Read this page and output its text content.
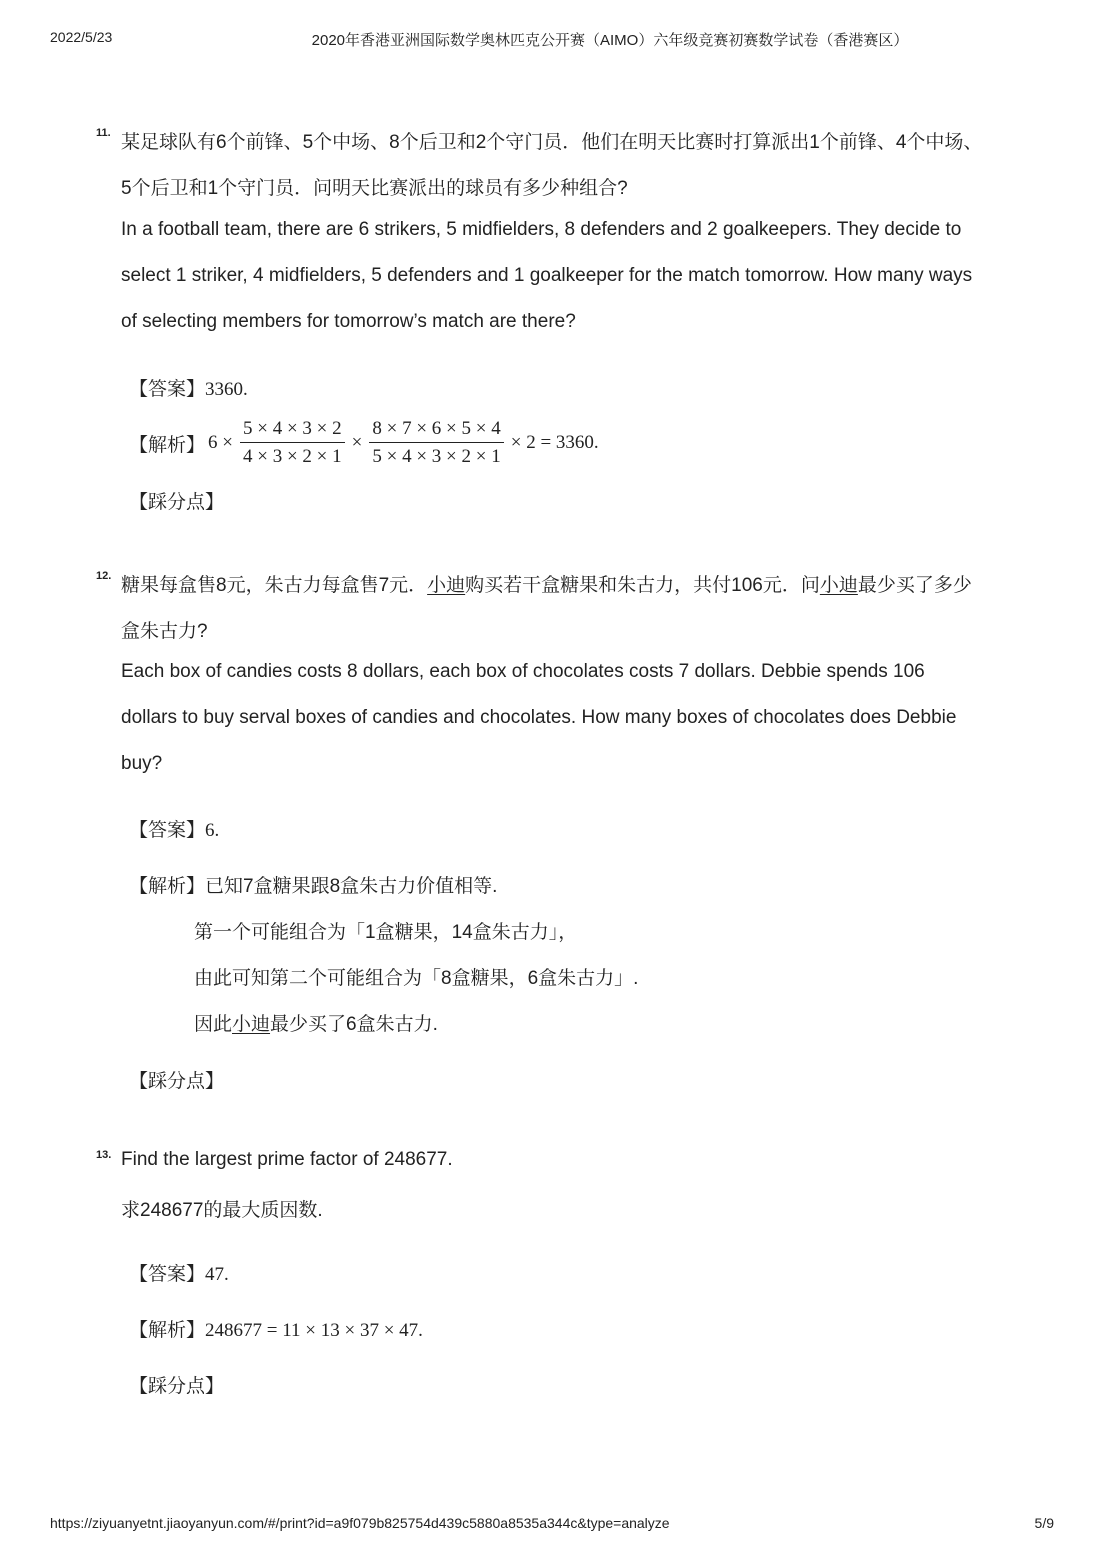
2022/5/23	2020年香港亚洲国际数学奥林匹克公开赛（AIMO）六年级竞赛初赛数学试卷（香港赛区）
11. 某足球队有6个前锋、5个中场、8个后卫和2个守门员．他们在明天比赛时打算派出1个前锋、4个中场、
5个后卫和1个守门员．问明天比赛派出的球员有多少种组合?
In a football team, there are 6 strikers, 5 midfielders, 8 defenders and 2 goalkeepers. They decide to
select 1 striker, 4 midfielders, 5 defenders and 1 goalkeeper for the match tomorrow. How many ways
of selecting members for tomorrow’s match are there?
【答案】3360.
【解析】 $6 \times \frac{5 \times 4 \times 3 \times 2}{4 \times 3 \times 2 \times 1} \times \frac{8 \times 7 \times 6 \times 5 \times 4}{5 \times 4 \times 3 \times 2 \times 1} \times 2 = 3360$.
【踩分点】
12. 糖果每盒售8元，朱古力每盒售7元．小迪购买若干盒糖果和朱古力，共付106元．问小迪最少买了多少
盒朱古力?
Each box of candies costs 8 dollars, each box of chocolates costs 7 dollars. Debbie spends 106
dollars to buy serval boxes of candies and chocolates. How many boxes of chocolates does Debbie
buy?
【答案】6.
【解析】已知7盒糖果跟8盒朱古力价值相等.
第一个可能组合为「1盒糖果，14盒朱古力」，
由此可知第二个可能组合为「8盒糖果，6盒朱古力」.
因此小迪最少买了6盒朱古力.
【踩分点】
13. Find the largest prime factor of 248677.
求248677的最大质因数.
【答案】47.
【解析】248677 = 11 × 13 × 37 × 47.
【踩分点】
https://ziyuanyetnt.jiaoyanyun.com/#/print?id=a9f079b825754d439c5880a8535a344c&type=analyze	5/9
